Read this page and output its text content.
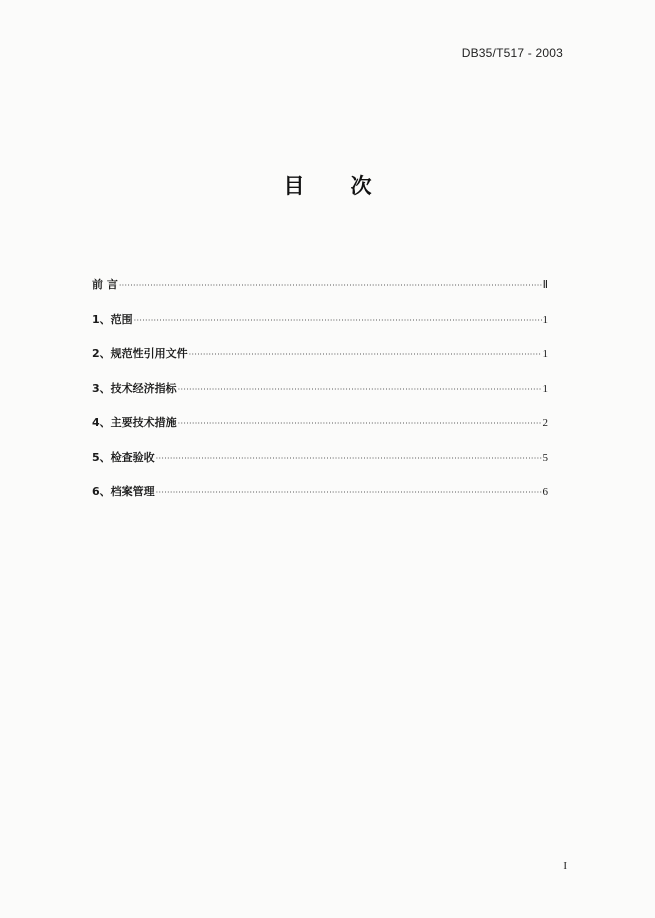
DB35/T517 - 2003
目 次
前 言 ·····	Ⅱ
1、范围 ·····	1
2、规范性引用文件 ·····	1
3、技术经济指标 ·····	1
4、主要技术措施 ·····	2
5、检查验收 ·····	5
6、档案管理 ·····	6
I
